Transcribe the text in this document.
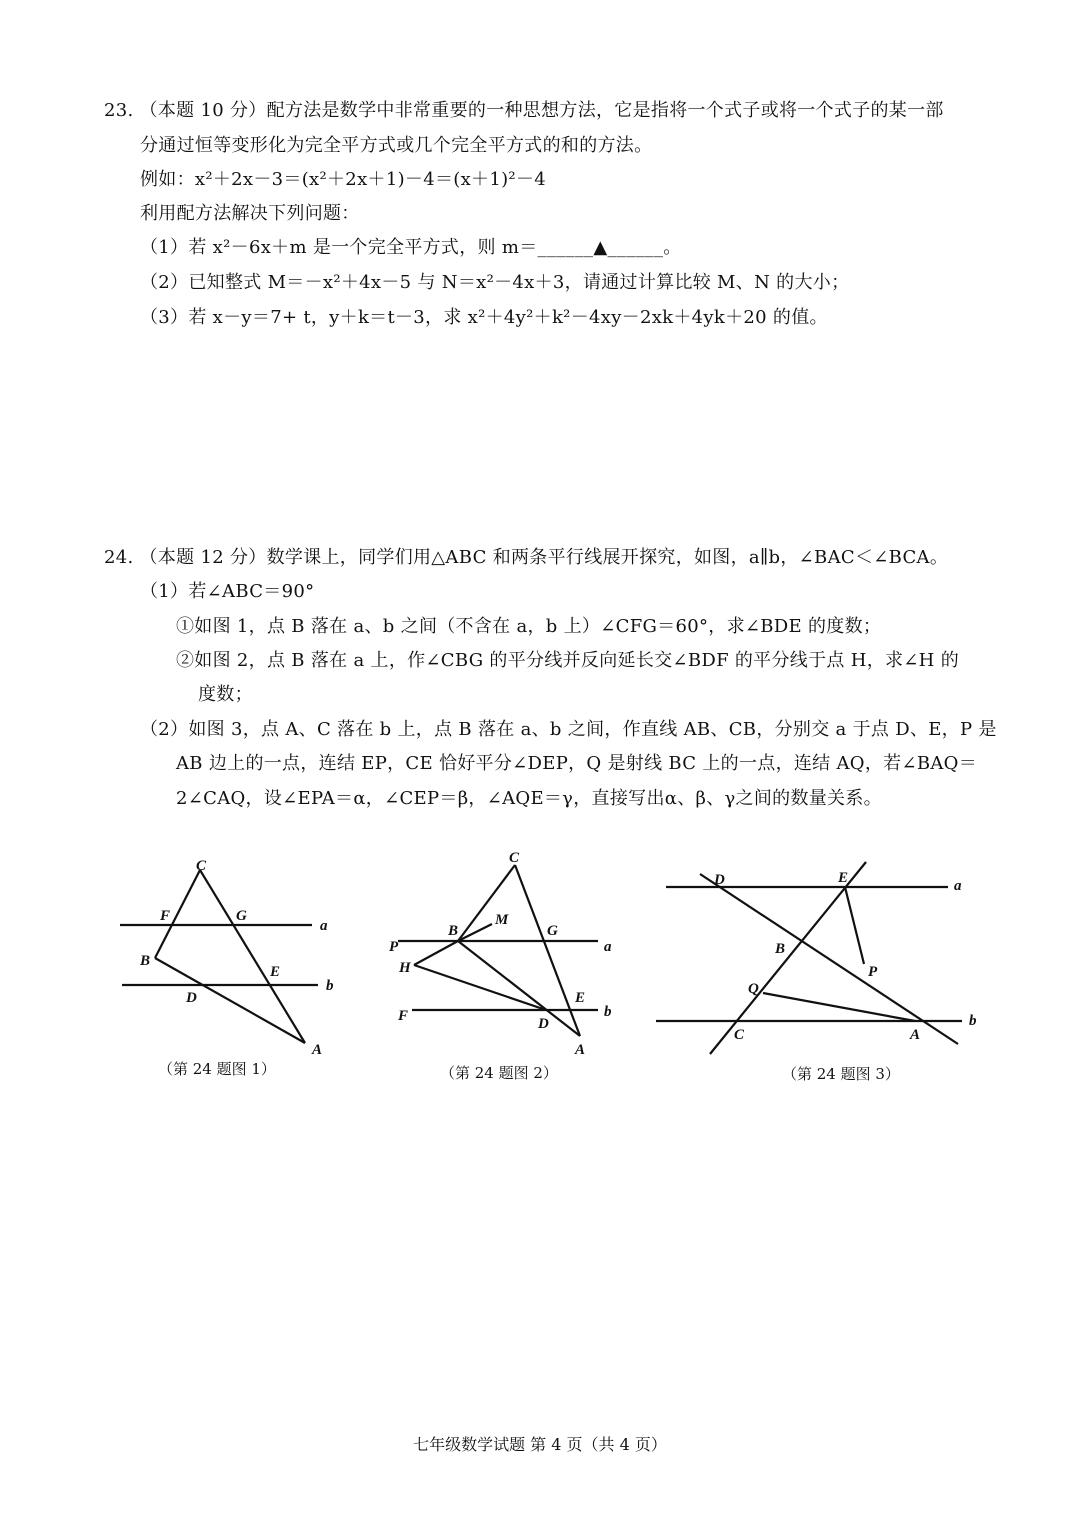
23. （本题 10 分）配方法是数学中非常重要的一种思想方法，它是指将一个式子或将一个式子的某一部
分通过恒等变形化为完全平方式或几个完全平方式的和的方法。
例如：x²＋2x－3＝(x²＋2x＋1)－4＝(x＋1)²－4
利用配方法解决下列问题：
（1）若 x²－6x＋m 是一个完全平方式，则 m＝______▲______。
（2）已知整式 M＝－x²＋4x－5 与 N＝x²－4x＋3，请通过计算比较 M、N 的大小；
（3）若 x－y＝7+ t，y＋k＝t－3，求 x²＋4y²＋k²－4xy－2xk＋4yk＋20 的值。
24. （本题 12 分）数学课上，同学们用△ABC 和两条平行线展开探究，如图，a∥b，∠BAC＜∠BCA。
（1）若∠ABC＝90°
①如图 1，点 B 落在 a、b 之间（不含在 a，b 上）∠CFG＝60°，求∠BDE 的度数；
②如图 2，点 B 落在 a 上，作∠CBG 的平分线并反向延长交∠BDF 的平分线于点 H，求∠H 的
度数；
（2）如图 3，点 A、C 落在 b 上，点 B 落在 a、b 之间，作直线 AB、CB，分别交 a 于点 D、E，P 是
AB 边上的一点，连结 EP，CE 恰好平分∠DEP，Q 是射线 BC 上的一点，连结 AQ，若∠BAQ＝
2∠CAQ，设∠EPA＝α，∠CEP＝β，∠AQE＝γ，直接写出α、β、γ之间的数量关系。
C
F	G
a
B
E
b
D
A
C
M
B	G
P	a
H
E
F	b
D
A
D	E	a
B
P
Q
C	A
b
（第 24 题图 1）	（第 24 题图 2）	（第 24 题图 3）
七年级数学试题 第 4 页（共 4 页）
